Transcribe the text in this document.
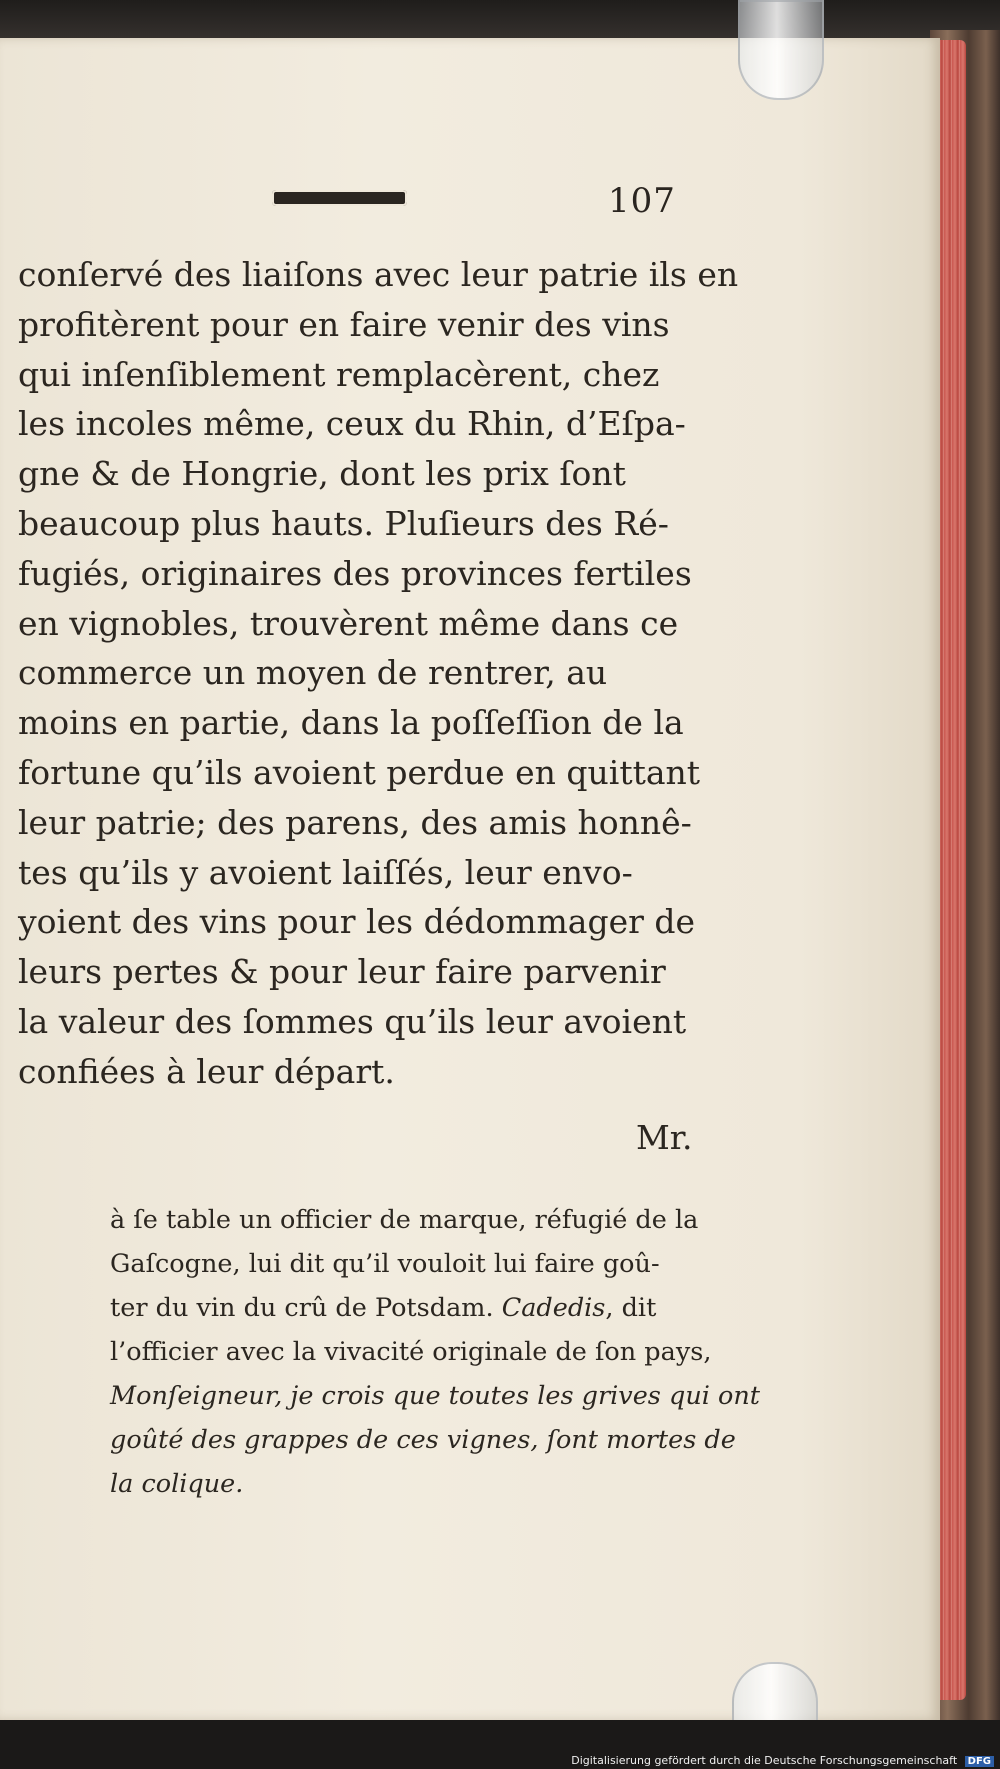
107
conſervé des liaiſons avec leur patrie ils en
profitèrent pour en faire venir des vins
qui inſenſiblement remplacèrent, chez
les incoles même, ceux du Rhin, d’Eſpa-
gne & de Hongrie, dont les prix ſont
beaucoup plus hauts. Pluſieurs des Ré-
fugiés, originaires des provinces fertiles
en vignobles, trouvèrent même dans ce
commerce un moyen de rentrer, au
moins en partie, dans la poſſeſſion de la
fortune qu’ils avoient perdue en quittant
leur patrie; des parens, des amis honnê-
tes qu’ils y avoient laiſſés, leur envo-
yoient des vins pour les dédommager de
leurs pertes & pour leur faire parvenir
la valeur des ſommes qu’ils leur avoient
confiées à leur départ.
Mr.
à ſe table un officier de marque, réfugié de la
Gaſcogne, lui dit qu’il vouloit lui faire goû-
ter du vin du crû de Potsdam. Cadedis, dit
l’officier avec la vivacité originale de ſon pays,
Monſeigneur, je crois que toutes les grives qui ont
goûté des grappes de ces vignes, ſont mortes de
la colique.
Digitalisierung gefördert durch die Deutsche Forschungsgemeinschaft DFG
